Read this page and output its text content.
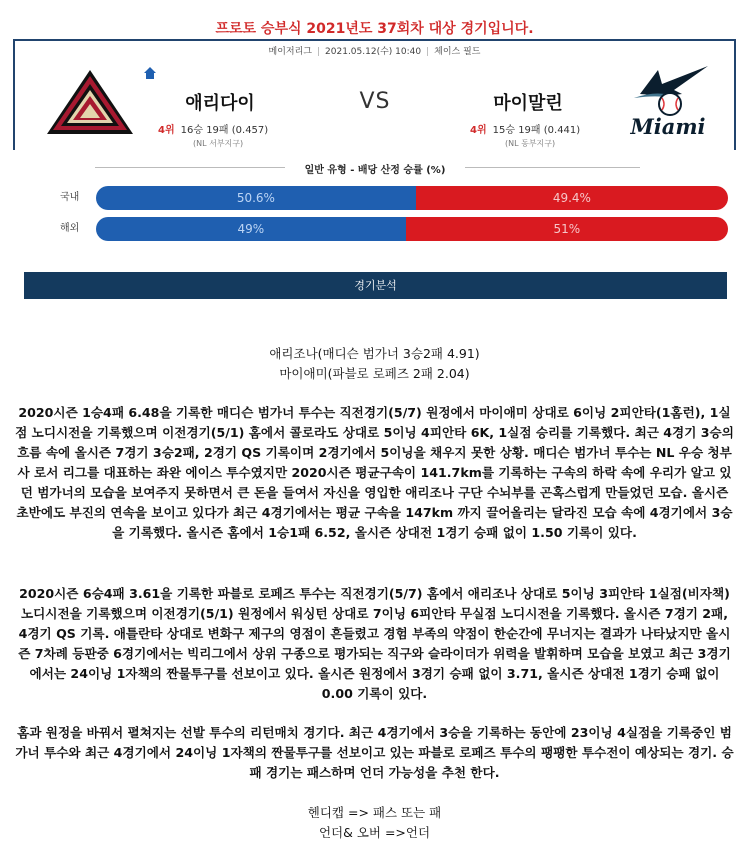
프로토 승부식 2021년도 37회차 대상 경기입니다.
메이저리그 | 2021.05.12(수) 10:40 | 체이스 필드
애리다이
4위 16승 19패 (0.457)
(NL 서부지구)
VS	마이말린
4위 15승 19패 (0.441)
(NL 동부지구)
Miami
일반 유형 - 배당 산정 승률 (%)
국내	50.6%	49.4%
해외	49%	51%
경기분석
애리조나(매디슨 범가너 3승2패 4.91)
마이애미(파블로 로페즈 2패 2.04)

2020시즌 1승4패 6.48을 기록한 매디슨 범가너 투수는 직전경기(5/7) 원정에서 마이애미 상대로 6이닝 2피안타(1홈런), 1실점 노디시전을 기록했으며 이전경기(5/1) 홈에서 콜로라도 상대로 5이닝 4피안타 6K, 1실점 승리를 기록했다. 최근 4경기 3승의 흐름 속에 올시즌 7경기 3승2패, 2경기 QS 기록이며 2경기에서 5이닝을 채우지 못한 상황. 매디슨 범가너 투수는 NL 우승 청부사 로서 리그를 대표하는 좌완 에이스 투수였지만 2020시즌 평균구속이 141.7km를 기록하는 구속의 하락 속에 우리가 알고 있던 범가너의 모습을 보여주지 못하면서 큰 돈을 들여서 자신을 영입한 애리조나 구단 수뇌부를 곤혹스럽게 만들었던 모습. 올시즌 초반에도 부진의 연속을 보이고 있다가 최근 4경기에서는 평균 구속을 147km 까지 끌어올리는 달라진 모습 속에 4경기에서 3승을 기록했다. 올시즌 홈에서 1승1패 6.52, 올시즌 상대전 1경기 승패 없이 1.50 기록이 있다.

2020시즌 6승4패 3.61을 기록한 파블로 로페즈 투수는 직전경기(5/7) 홈에서 애리조나 상대로 5이닝 3피안타 1실점(비자책) 노디시전을 기록했으며 이전경기(5/1) 원정에서 워싱턴 상대로 7이닝 6피안타 무실점 노디시전을 기록했다. 올시즌 7경기 2패, 4경기 QS 기록. 애틀란타 상대로 변화구 제구의 영점이 흔들렸고 경험 부족의 약점이 한순간에 무너지는 결과가 나타났지만 올시즌 7차례 등판중 6경기에서는 빅리그에서 상위 구종으로 평가되는 직구와 슬라이더가 위력을 발휘하며 모습을 보였고 최근 3경기에서는 24이닝 1자책의 짠물투구를 선보이고 있다. 올시즌 원정에서 3경기 승패 없이 3.71, 올시즌 상대전 1경기 승패 없이 0.00 기록이 있다.

홈과 원정을 바꿔서 펼쳐지는 선발 투수의 리턴매치 경기다. 최근 4경기에서 3승을 기록하는 동안에 23이닝 4실점을 기록중인 범가너 투수와 최근 4경기에서 24이닝 1자책의 짠물투구를 선보이고 있는 파블로 로페즈 투수의 팽팽한 투수전이 예상되는 경기. 승패 경기는 패스하며 언더 가능성을 추천 한다.

헨디캡 => 패스 또는 패
언더& 오버 =>언더
